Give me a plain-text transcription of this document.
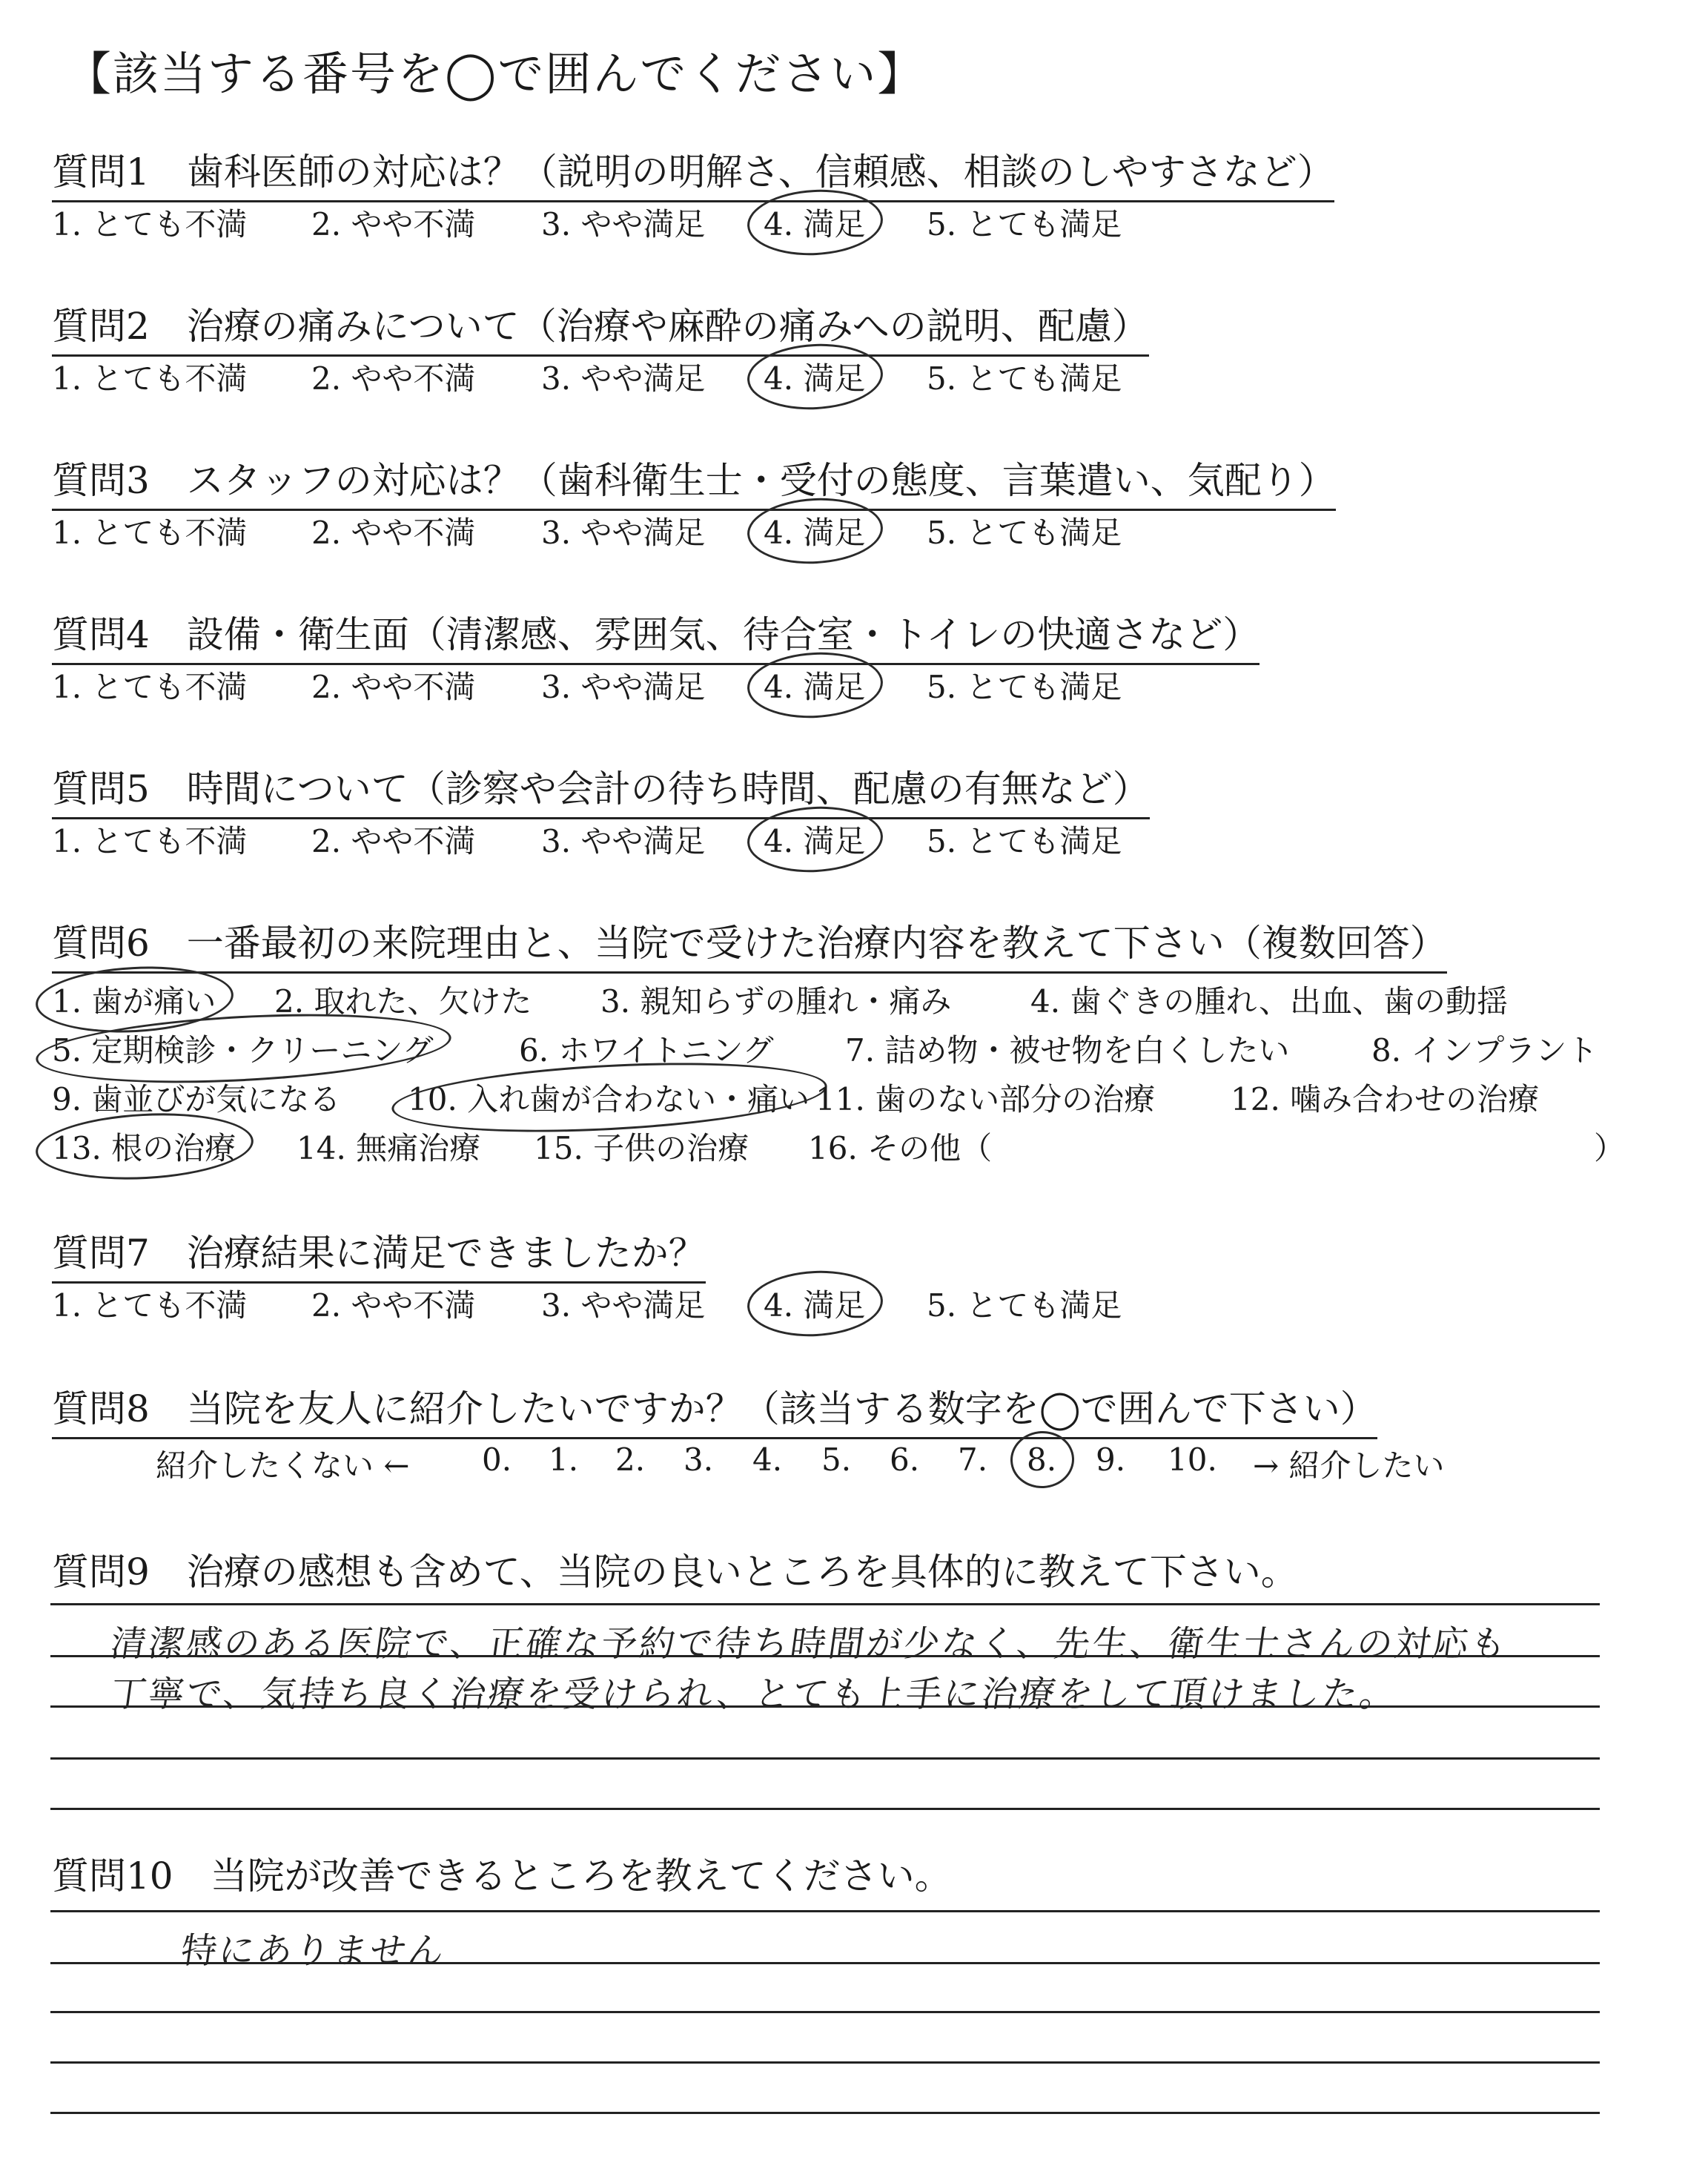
【該当する番号を◯で囲んでください】
質問1　歯科医師の対応は？（説明の明解さ、信頼感、相談のしやすさなど）
1. とても不満 2. やや不満 3. やや満足 4. 満足 5. とても満足
質問2　治療の痛みについて（治療や麻酔の痛みへの説明、配慮）
1. とても不満 2. やや不満 3. やや満足 4. 満足 5. とても満足
質問3　スタッフの対応は？（歯科衛生士・受付の態度、言葉遣い、気配り）
1. とても不満 2. やや不満 3. やや満足 4. 満足 5. とても満足
質問4　設備・衛生面（清潔感、雰囲気、待合室・トイレの快適さなど）
1. とても不満 2. やや不満 3. やや満足 4. 満足 5. とても満足
質問5　時間について（診察や会計の待ち時間、配慮の有無など）
1. とても不満 2. やや不満 3. やや満足 4. 満足 5. とても満足
質問6　一番最初の来院理由と、当院で受けた治療内容を教えて下さい（複数回答）
1. 歯が痛い 2. 取れた、欠けた 3. 親知らずの腫れ・痛み	4. 歯ぐきの腫れ、出血、歯の動揺
5. 定期検診・クリーニング	6. ホワイトニング 7. 詰め物・被せ物を白くしたい	8. インプラント
9. 歯並びが気になる 10. 入れ歯が合わない・痛い 11. 歯のない部分の治療 12. 噛み合わせの治療
13. 根の治療 14. 無痛治療 15. 子供の治療 16. その他（	）
質問7　治療結果に満足できましたか？
1. とても不満 2. やや不満 3. やや満足 4. 満足 5. とても満足
質問8　当院を友人に紹介したいですか？（該当する数字を◯で囲んで下さい）
紹介したくない ← 0. 1. 2. 3. 4. 5. 6. 7. 8. 9. 10. → 紹介したい
質問9　治療の感想も含めて、当院の良いところを具体的に教えて下さい。
清潔感のある医院で、正確な予約で待ち時間が少なく、先生、衛生士さんの対応も
丁寧で、気持ち良く治療を受けられ、とても上手に治療をして頂けました。
質問10　当院が改善できるところを教えてください。
特にありません
